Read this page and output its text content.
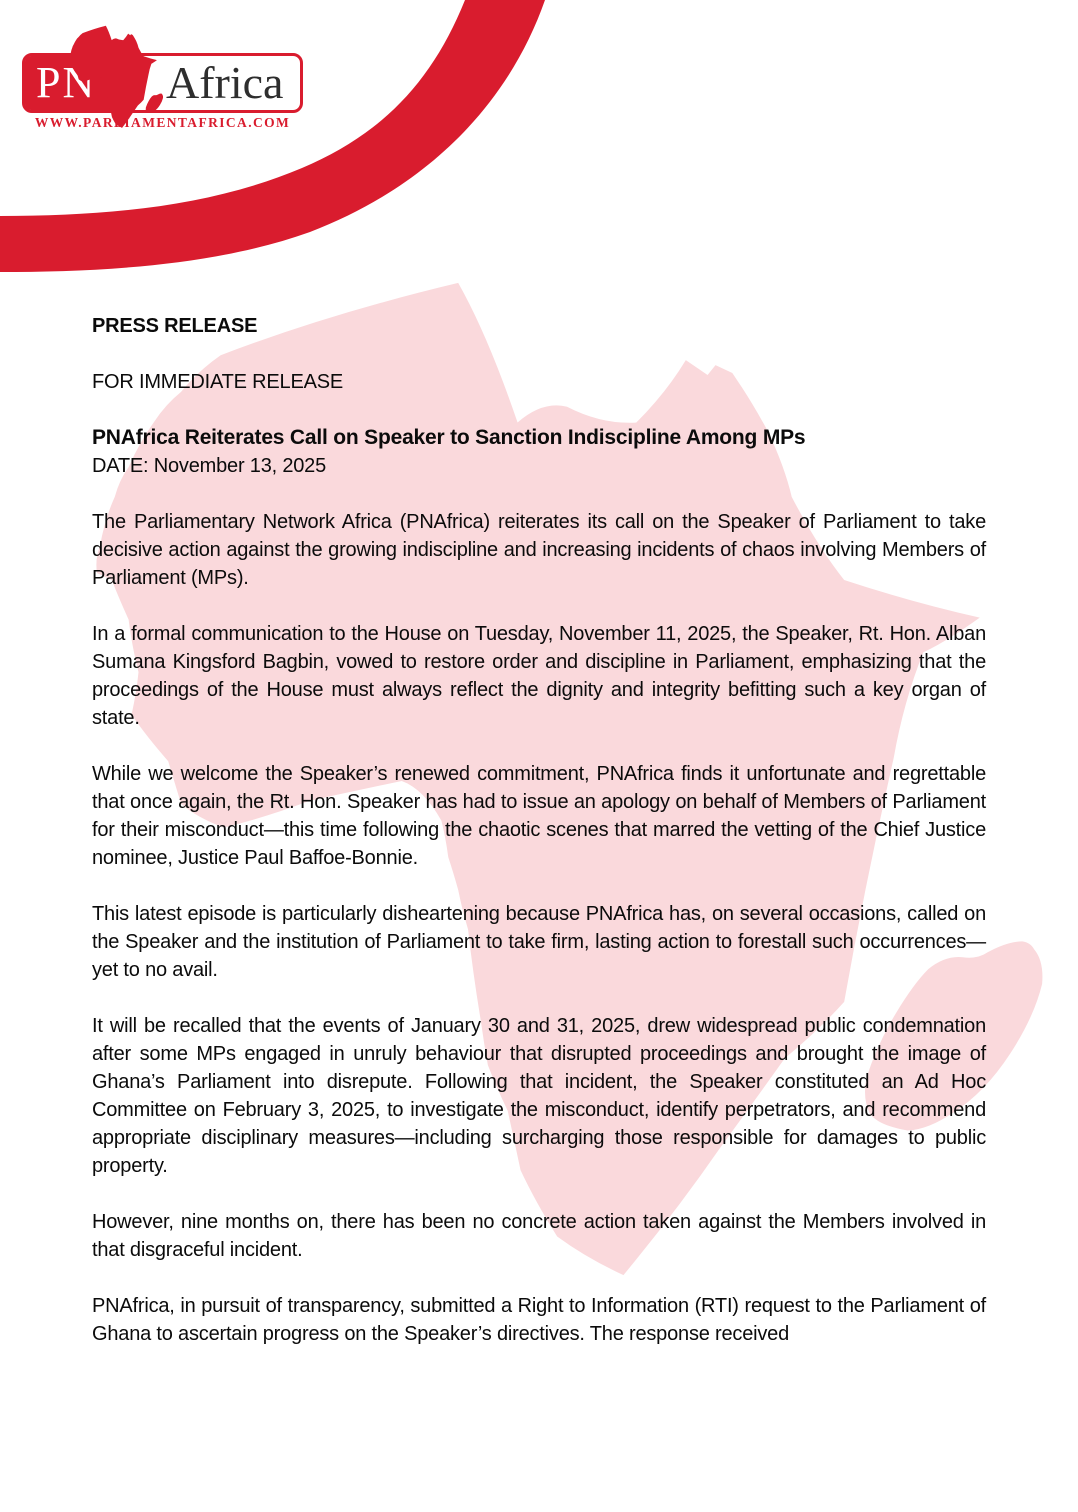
PN Africa
WWW.PARLIAMENTAFRICA.COM

PRESS RELEASE

FOR IMMEDIATE RELEASE

PNAfrica Reiterates Call on Speaker to Sanction Indiscipline Among MPs

DATE: November 13, 2025

The Parliamentary Network Africa (PNAfrica) reiterates its call on the Speaker of Parliament to take decisive action against the growing indiscipline and increasing incidents of chaos involving Members of Parliament (MPs).

In a formal communication to the House on Tuesday, November 11, 2025, the Speaker, Rt. Hon. Alban Sumana Kingsford Bagbin, vowed to restore order and discipline in Parliament, emphasizing that the proceedings of the House must always reflect the dignity and integrity befitting such a key organ of state.

While we welcome the Speaker’s renewed commitment, PNAfrica finds it unfortunate and regrettable that once again, the Rt. Hon. Speaker has had to issue an apology on behalf of Members of Parliament for their misconduct—this time following the chaotic scenes that marred the vetting of the Chief Justice nominee, Justice Paul Baffoe-Bonnie.

This latest episode is particularly disheartening because PNAfrica has, on several occasions, called on the Speaker and the institution of Parliament to take firm, lasting action to forestall such occurrences—yet to no avail.

It will be recalled that the events of January 30 and 31, 2025, drew widespread public condemnation after some MPs engaged in unruly behaviour that disrupted proceedings and brought the image of Ghana’s Parliament into disrepute. Following that incident, the Speaker constituted an Ad Hoc Committee on February 3, 2025, to investigate the misconduct, identify perpetrators, and recommend appropriate disciplinary measures—including surcharging those responsible for damages to public property.

However, nine months on, there has been no concrete action taken against the Members involved in that disgraceful incident.

PNAfrica, in pursuit of transparency, submitted a Right to Information (RTI) request to the Parliament of Ghana to ascertain progress on the Speaker’s directives. The response received
